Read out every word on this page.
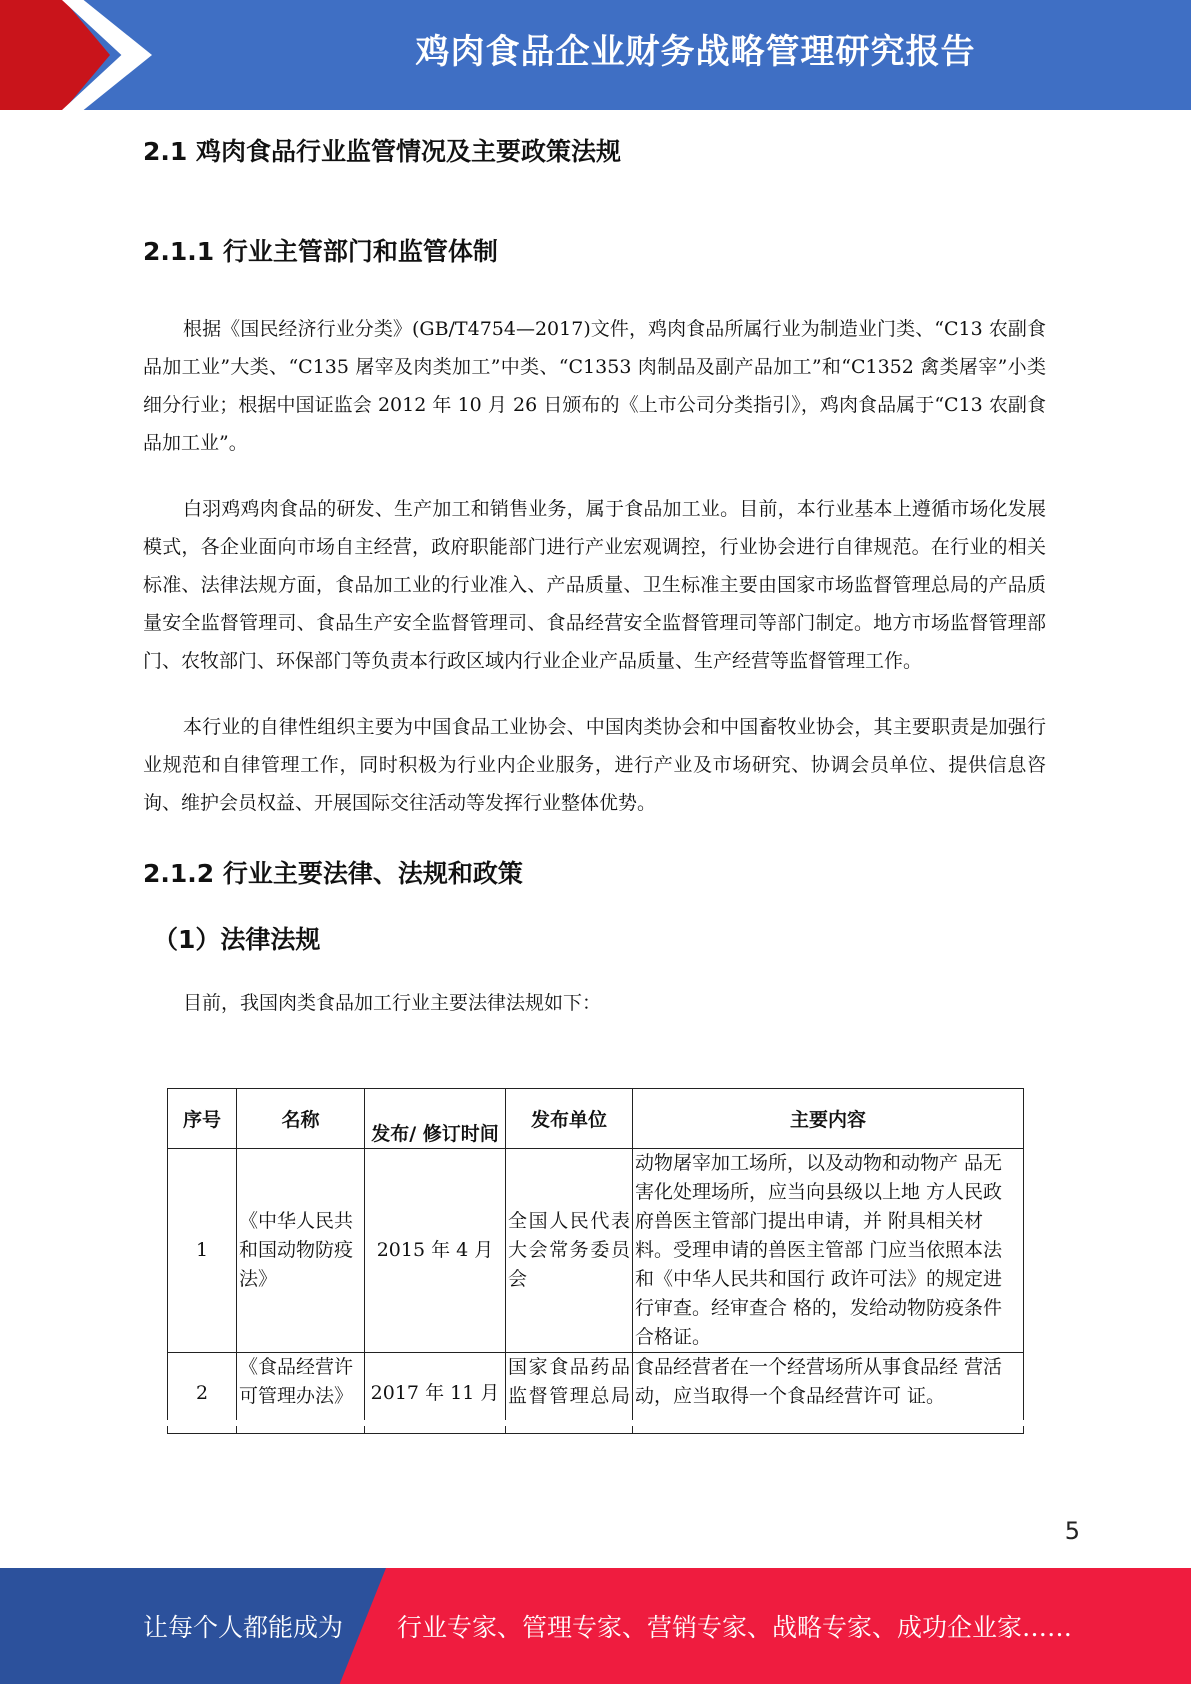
鸡肉食品企业财务战略管理研究报告
2.1 鸡肉食品行业监管情况及主要政策法规
2.1.1 行业主管部门和监管体制

根据《国民经济行业分类》(GB/T4754—2017)文件，鸡肉食品所属行业为制造业门类、“C13 农副食品加工业”大类、“C135 屠宰及肉类加工”中类、“C1353 肉制品及副产品加工”和“C1352 禽类屠宰”小类细分行业；根据中国证监会 2012 年 10 月 26 日颁布的《上市公司分类指引》，鸡肉食品属于“C13 农副食品加工业”。

白羽鸡鸡肉食品的研发、生产加工和销售业务，属于食品加工业。目前，本行业基本上遵循市场化发展模式，各企业面向市场自主经营，政府职能部门进行产业宏观调控，行业协会进行自律规范。在行业的相关标准、法律法规方面，食品加工业的行业准入、产品质量、卫生标准主要由国家市场监督管理总局的产品质量安全监督管理司、食品生产安全监督管理司、食品经营安全监督管理司等部门制定。地方市场监督管理部门、农牧部门、环保部门等负责本行政区域内行业企业产品质量、生产经营等监督管理工作。

本行业的自律性组织主要为中国食品工业协会、中国肉类协会和中国畜牧业协会，其主要职责是加强行业规范和自律管理工作，同时积极为行业内企业服务，进行产业及市场研究、协调会员单位、提供信息咨询、维护会员权益、开展国际交往活动等发挥行业整体优势。

2.1.2 行业主要法律、法规和政策
（1）法律法规

目前，我国肉类食品加工行业主要法律法规如下：

序号	名称	发布/ 修订时间	发布单位	主要内容
1	《中华人民共和国动物防疫法》	2015 年 4 月	全国人民代表大会常务委员会	动物屠宰加工场所，以及动物和动物产 品无害化处理场所，应当向县级以上地 方人民政府兽医主管部门提出申请，并 附具相关材料。受理申请的兽医主管部 门应当依照本法和《中华人民共和国行 政许可法》的规定进行审查。经审查合 格的，发给动物防疫条件合格证。
2	《食品经营许可管理办法》	2017 年 11 月	国家食品药品监督管理总局	食品经营者在一个经营场所从事食品经 营活动，应当取得一个食品经营许可 证。
5
让每个人都能成为 行业专家、管理专家、营销专家、战略专家、成功企业家……
